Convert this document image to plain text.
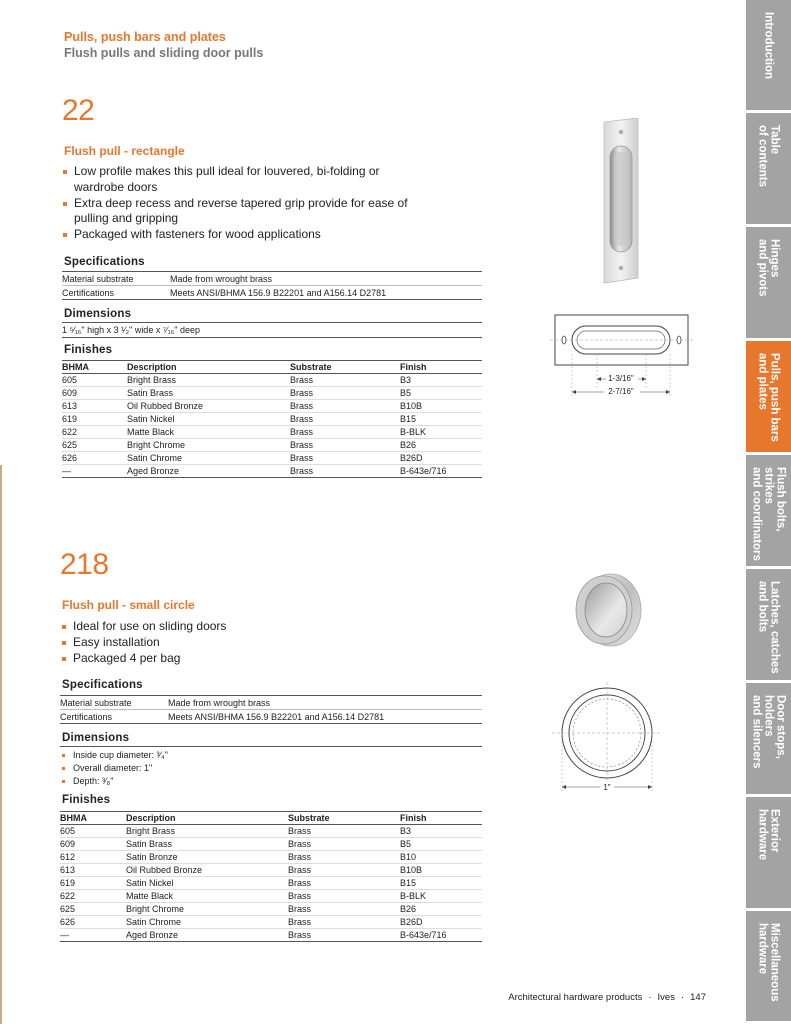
Pulls, push bars and plates
Flush pulls and sliding door pulls
22
Flush pull - rectangle
Low profile makes this pull ideal for louvered, bi-folding or wardrobe doors
Extra deep recess and reverse tapered grip provide for ease of pulling and gripping
Packaged with fasteners for wood applications
Specifications
Material substrate	Made from wrought brass
Certifications	Meets ANSI/BHMA 156.9 B22201 and A156.14 D2781
Dimensions
1 ⁵⁄₁₆" high x 3 ¹⁄₂" wide x ⁷⁄₁₆" deep
Finishes
BHMA	Description	Substrate	Finish
605	Bright Brass	Brass	B3
609	Satin Brass	Brass	B5
613	Oil Rubbed Bronze	Brass	B10B
619	Satin Nickel	Brass	B15
622	Matte Black	Brass	B-BLK
625	Bright Chrome	Brass	B26
626	Satin Chrome	Brass	B26D
—	Aged Bronze	Brass	B-643e/716
1-3/16"
2-7/16"
218
Flush pull - small circle
Ideal for use on sliding doors
Easy installation
Packaged 4 per bag
Specifications
Material substrate	Made from wrought brass
Certifications	Meets ANSI/BHMA 156.9 B22201 and A156.14 D2781
Dimensions
Inside cup diameter: ³⁄₄"
Overall diameter: 1"
Depth: ³⁄₈"
Finishes
BHMA	Description	Substrate	Finish
605	Bright Brass	Brass	B3
609	Satin Brass	Brass	B5
612	Satin Bronze	Brass	B10
613	Oil Rubbed Bronze	Brass	B10B
619	Satin Nickel	Brass	B15
622	Matte Black	Brass	B-BLK
625	Bright Chrome	Brass	B26
626	Satin Chrome	Brass	B26D
—	Aged Bronze	Brass	B-643e/716
1"
Architectural hardware products · Ives · 147
Introduction
Table
of contents
Hinges
and pivots
Pulls, push bars
and plates
Flush bolts, strikes
and coordinators
Latches, catches
and bolts
Door stops, holders
and silencers
Exterior
hardware
Miscellaneous
hardware
